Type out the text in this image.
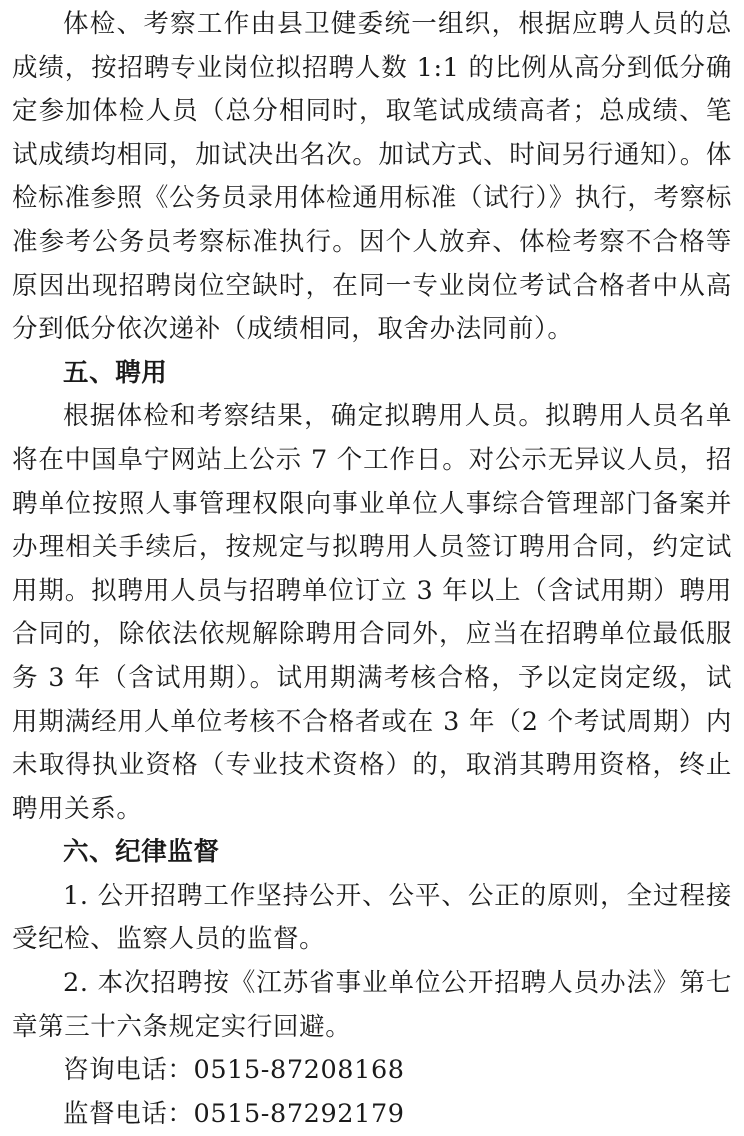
体检、考察工作由县卫健委统一组织，根据应聘人员的总成绩，按招聘专业岗位拟招聘人数 1:1 的比例从高分到低分确定参加体检人员（总分相同时，取笔试成绩高者；总成绩、笔试成绩均相同，加试决出名次。加试方式、时间另行通知）。体检标准参照《公务员录用体检通用标准（试行）》执行，考察标准参考公务员考察标准执行。因个人放弃、体检考察不合格等原因出现招聘岗位空缺时，在同一专业岗位考试合格者中从高分到低分依次递补（成绩相同，取舍办法同前）。

五、聘用

根据体检和考察结果，确定拟聘用人员。拟聘用人员名单将在中国阜宁网站上公示 7 个工作日。对公示无异议人员，招聘单位按照人事管理权限向事业单位人事综合管理部门备案并办理相关手续后，按规定与拟聘用人员签订聘用合同，约定试用期。拟聘用人员与招聘单位订立 3 年以上（含试用期）聘用合同的，除依法依规解除聘用合同外，应当在招聘单位最低服务 3 年（含试用期）。试用期满考核合格，予以定岗定级，试用期满经用人单位考核不合格者或在 3 年（2 个考试周期）内未取得执业资格（专业技术资格）的，取消其聘用资格，终止聘用关系。

六、纪律监督

1. 公开招聘工作坚持公开、公平、公正的原则，全过程接受纪检、监察人员的监督。

2. 本次招聘按《江苏省事业单位公开招聘人员办法》第七章第三十六条规定实行回避。

咨询电话：0515-87208168

监督电话：0515-87292179
